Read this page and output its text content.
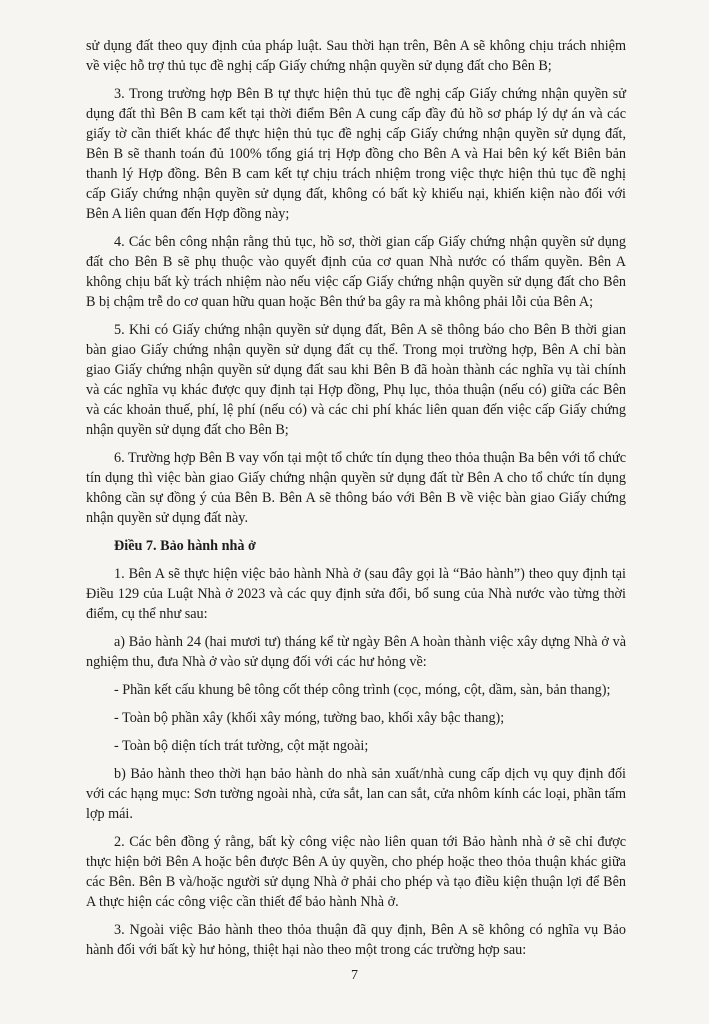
sử dụng đất theo quy định của pháp luật. Sau thời hạn trên, Bên A sẽ không chịu trách nhiệm về việc hỗ trợ thủ tục đề nghị cấp Giấy chứng nhận quyền sử dụng đất cho Bên B;

3. Trong trường hợp Bên B tự thực hiện thủ tục đề nghị cấp Giấy chứng nhận quyền sử dụng đất thì Bên B cam kết tại thời điểm Bên A cung cấp đầy đủ hồ sơ pháp lý dự án và các giấy tờ cần thiết khác để thực hiện thủ tục đề nghị cấp Giấy chứng nhận quyền sử dụng đất, Bên B sẽ thanh toán đủ 100% tổng giá trị Hợp đồng cho Bên A và Hai bên ký kết Biên bản thanh lý Hợp đồng. Bên B cam kết tự chịu trách nhiệm trong việc thực hiện thủ tục đề nghị cấp Giấy chứng nhận quyền sử dụng đất, không có bất kỳ khiếu nại, khiến kiện nào đối với Bên A liên quan đến Hợp đồng này;

4. Các bên công nhận rằng thủ tục, hồ sơ, thời gian cấp Giấy chứng nhận quyền sử dụng đất cho Bên B sẽ phụ thuộc vào quyết định của cơ quan Nhà nước có thẩm quyền. Bên A không chịu bất kỳ trách nhiệm nào nếu việc cấp Giấy chứng nhận quyền sử dụng đất cho Bên B bị chậm trễ do cơ quan hữu quan hoặc Bên thứ ba gây ra mà không phải lỗi của Bên A;

5. Khi có Giấy chứng nhận quyền sử dụng đất, Bên A sẽ thông báo cho Bên B thời gian bàn giao Giấy chứng nhận quyền sử dụng đất cụ thể. Trong mọi trường hợp, Bên A chỉ bàn giao Giấy chứng nhận quyền sử dụng đất sau khi Bên B đã hoàn thành các nghĩa vụ tài chính và các nghĩa vụ khác được quy định tại Hợp đồng, Phụ lục, thỏa thuận (nếu có) giữa các Bên và các khoản thuế, phí, lệ phí (nếu có) và các chi phí khác liên quan đến việc cấp Giấy chứng nhận quyền sử dụng đất cho Bên B;

6. Trường hợp Bên B vay vốn tại một tổ chức tín dụng theo thỏa thuận Ba bên với tổ chức tín dụng thì việc bàn giao Giấy chứng nhận quyền sử dụng đất từ Bên A cho tổ chức tín dụng không cần sự đồng ý của Bên B. Bên A sẽ thông báo với Bên B về việc bàn giao Giấy chứng nhận quyền sử dụng đất này.

Điều 7. Bảo hành nhà ở

1. Bên A sẽ thực hiện việc bảo hành Nhà ở (sau đây gọi là “Bảo hành”) theo quy định tại Điều 129 của Luật Nhà ở 2023 và các quy định sửa đổi, bổ sung của Nhà nước vào từng thời điểm, cụ thể như sau:

a) Bảo hành 24 (hai mươi tư) tháng kể từ ngày Bên A hoàn thành việc xây dựng Nhà ở và nghiệm thu, đưa Nhà ở vào sử dụng đối với các hư hỏng về:

- Phần kết cấu khung bê tông cốt thép công trình (cọc, móng, cột, dầm, sàn, bản thang);

- Toàn bộ phần xây (khối xây móng, tường bao, khối xây bậc thang);

- Toàn bộ diện tích trát tường, cột mặt ngoài;

b) Bảo hành theo thời hạn bảo hành do nhà sản xuất/nhà cung cấp dịch vụ quy định đối với các hạng mục: Sơn tường ngoài nhà, cửa sắt, lan can sắt, cửa nhôm kính các loại, phần tấm lợp mái.

2. Các bên đồng ý rằng, bất kỳ công việc nào liên quan tới Bảo hành nhà ở sẽ chỉ được thực hiện bởi Bên A hoặc bên được Bên A ủy quyền, cho phép hoặc theo thỏa thuận khác giữa các Bên. Bên B và/hoặc người sử dụng Nhà ở phải cho phép và tạo điều kiện thuận lợi để Bên A thực hiện các công việc cần thiết để bảo hành Nhà ở.

3. Ngoài việc Bảo hành theo thỏa thuận đã quy định, Bên A sẽ không có nghĩa vụ Bảo hành đối với bất kỳ hư hỏng, thiệt hại nào theo một trong các trường hợp sau:

7
